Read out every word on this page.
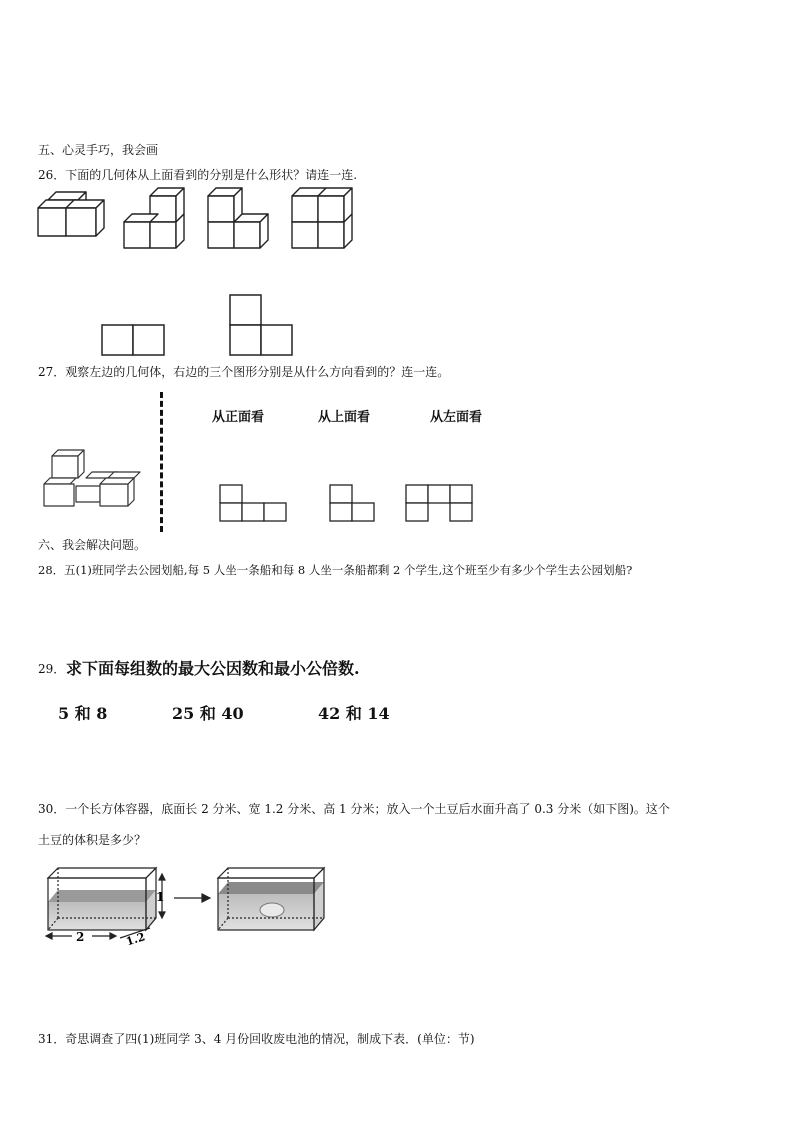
五、心灵手巧，我会画
26．下面的几何体从上面看到的分别是什么形状？请连一连.
27．观察左边的几何体，右边的三个图形分别是从什么方向看到的？连一连。
从正面看	从上面看	从左面看
六、我会解决问题。
28．五(1)班同学去公园划船,每 5 人坐一条船和每 8 人坐一条船都剩 2 个学生,这个班至少有多少个学生去公园划船?
29． 求下面每组数的最大公因数和最小公倍数.
5 和 8	25 和 40	42 和 14
30．一个长方体容器，底面长 2 分米、宽 1.2 分米、高 1 分米；放入一个土豆后水面升高了 0.3 分米（如下图)。这个
土豆的体积是多少？
1
2	1.2
31．奇思调查了四(1)班同学 3、4 月份回收废电池的情况，制成下表．(单位：节)
